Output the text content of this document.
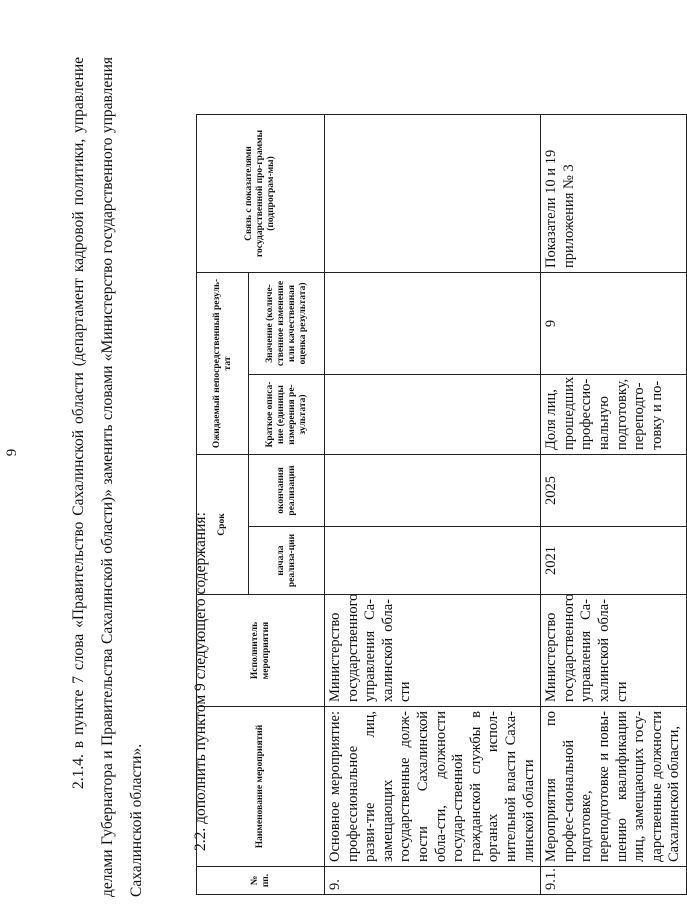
9	2.1.4. в пункте 7 слова «Правительство Сахалинской области (департамент кадровой политики, управление делами Губернатора и Правительства Сахалинской области)» заменить словами «Министерство государственного управления Сахалинской области».	2.2. дополнить пунктом 9 следующего содержания:

№ пп.	Наименование мероприятий	Исполнитель мероприятия	Срок		Ожидаемый непосредственный резуль-тат		Связь с показателями государственной про-граммы (подпрограм-мы)
			начала реализа-ции	окончания реализации	Краткое описа-ние (единицы измерения ре-зультата)	Значение (количе-ственное изменение или качественная оценка результата)	
9.	Основное мероприятие: профессиональное разви-тие лиц, замещающих государственные долж-ности Сахалинской обла-сти, должности государ-ственной гражданской службы в органах испол-нительной власти Саха-линской области	Министерство государственного управления Са-халинской обла-сти					
9.1.	Мероприятия по профес-сиональной подготовке, переподготовке и повы-шению квалификации лиц, замещающих госу-дарственные должности Сахалинской области,	Министерство государственного управления Са-халинской обла-сти	2021	2025	Доля лиц, прошедших профессио-нальную подготовку, переподго-товку и по-	9	Показатели 10 и 19 приложения № 3
